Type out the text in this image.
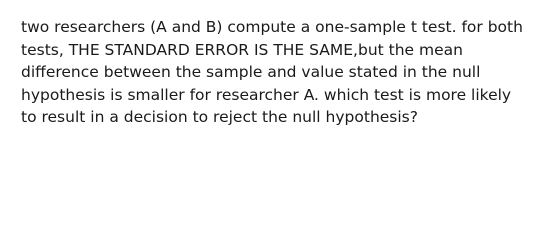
two researchers (A and B) compute a one-sample t test. for both
tests, THE STANDARD ERROR IS THE SAME,but the mean
difference between the sample and value stated in the null
hypothesis is smaller for researcher A. which test is more likely
to result in a decision to reject the null hypothesis?
